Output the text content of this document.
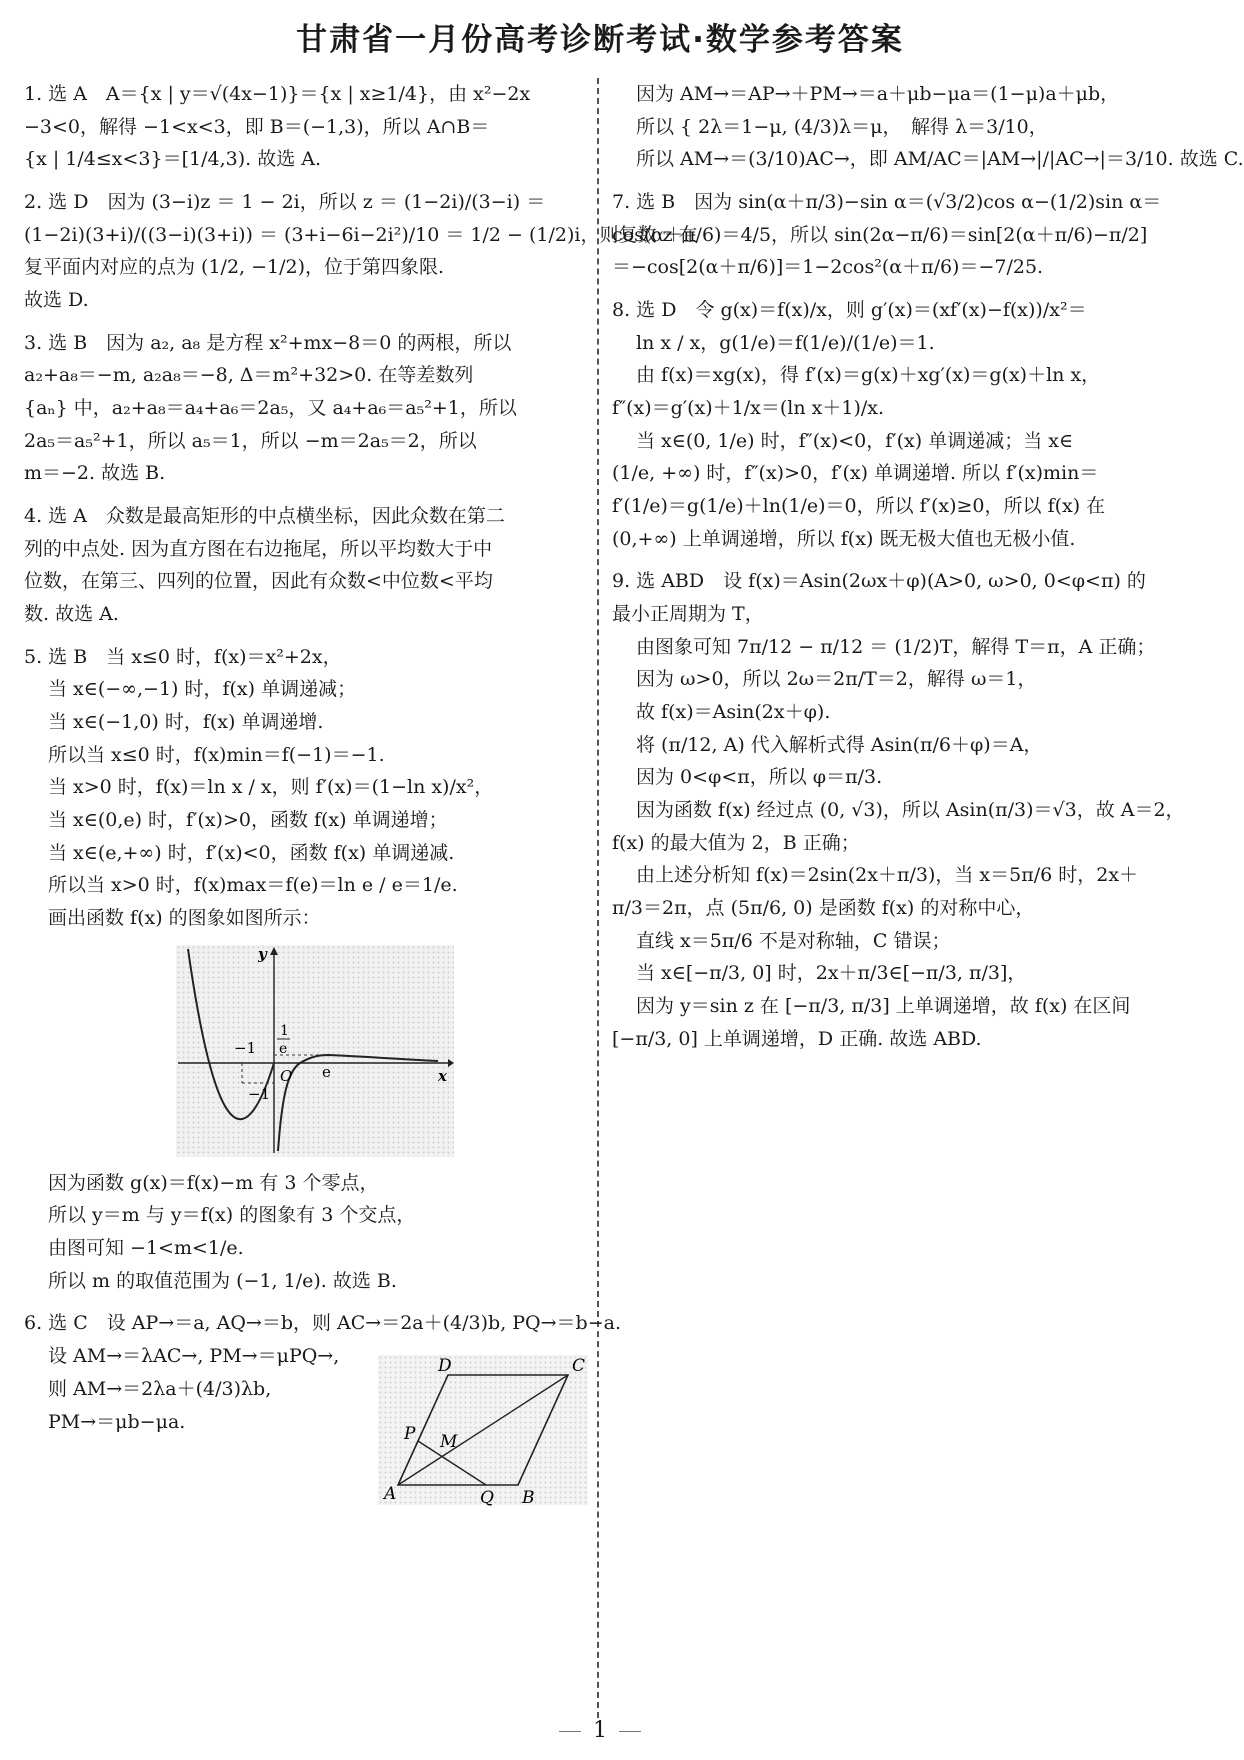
甘肃省一月份高考诊断考试·数学参考答案
1. 选 A　A＝{x | y＝√(4x−1)}＝{x | x≥1/4}，由 x²−2x
−3<0，解得 −1<x<3，即 B＝(−1,3)，所以 A∩B＝
{x | 1/4≤x<3}＝[1/4,3). 故选 A.
2. 选 D　因为 (3−i)z ＝ 1 − 2i，所以 z ＝ (1−2i)/(3−i) ＝
(1−2i)(3+i)/((3−i)(3+i)) ＝ (3+i−6i−2i²)/10 ＝ 1/2 − (1/2)i，则复数 z 在
复平面内对应的点为 (1/2, −1/2)，位于第四象限.
故选 D.
3. 选 B　因为 a₂, a₈ 是方程 x²+mx−8＝0 的两根，所以
a₂+a₈＝−m, a₂a₈＝−8, Δ＝m²+32>0. 在等差数列
{aₙ} 中，a₂+a₈＝a₄+a₆＝2a₅，又 a₄+a₆＝a₅²+1，所以
2a₅＝a₅²+1，所以 a₅＝1，所以 −m＝2a₅＝2，所以
m＝−2. 故选 B.
4. 选 A　众数是最高矩形的中点横坐标，因此众数在第二
列的中点处. 因为直方图在右边拖尾，所以平均数大于中
位数，在第三、四列的位置，因此有众数<中位数<平均
数. 故选 A.
5. 选 B　当 x≤0 时，f(x)＝x²+2x，
当 x∈(−∞,−1) 时，f(x) 单调递减；
当 x∈(−1,0) 时，f(x) 单调递增.
所以当 x≤0 时，f(x)min＝f(−1)＝−1.
当 x>0 时，f(x)＝ln x / x，则 f′(x)＝(1−ln x)/x²，
当 x∈(0,e) 时，f′(x)>0，函数 f(x) 单调递增；
当 x∈(e,+∞) 时，f′(x)<0，函数 f(x) 单调递减.
所以当 x>0 时，f(x)max＝f(e)＝ln e / e＝1/e.
画出函数 f(x) 的图象如图所示：
O	x
y
−1
−1
1
e
e
因为函数 g(x)＝f(x)−m 有 3 个零点，
所以 y＝m 与 y＝f(x) 的图象有 3 个交点，
由图可知 −1<m<1/e.
所以 m 的取值范围为 (−1, 1/e). 故选 B.
6. 选 C　设 AP→＝a, AQ→＝b，则 AC→＝2a＋(4/3)b, PQ→＝b−a.
设 AM→＝λAC→, PM→＝μPQ→,
则 AM→＝2λa＋(4/3)λb,
PM→＝μb−μa.
D	C
P M
A	Q B
因为 AM→＝AP→＋PM→＝a＋μb−μa＝(1−μ)a＋μb，
所以 { 2λ＝1−μ, (4/3)λ＝μ，　解得 λ＝3/10，
所以 AM→＝(3/10)AC→，即 AM/AC＝|AM→|/|AC→|＝3/10. 故选 C.
7. 选 B　因为 sin(α＋π/3)−sin α＝(√3/2)cos α−(1/2)sin α＝
cos(α＋π/6)＝4/5，所以 sin(2α−π/6)＝sin[2(α＋π/6)−π/2]
＝−cos[2(α＋π/6)]＝1−2cos²(α＋π/6)＝−7/25.
8. 选 D　令 g(x)＝f(x)/x，则 g′(x)＝(xf′(x)−f(x))/x²＝
ln x / x，g(1/e)＝f(1/e)/(1/e)＝1.
由 f(x)＝xg(x)，得 f′(x)＝g(x)＋xg′(x)＝g(x)＋ln x，
f″(x)＝g′(x)＋1/x＝(ln x＋1)/x.
当 x∈(0, 1/e) 时，f″(x)<0，f′(x) 单调递减；当 x∈
(1/e, +∞) 时，f″(x)>0，f′(x) 单调递增. 所以 f′(x)min＝
f′(1/e)＝g(1/e)＋ln(1/e)＝0，所以 f′(x)≥0，所以 f(x) 在
(0,+∞) 上单调递增，所以 f(x) 既无极大值也无极小值.
9. 选 ABD　设 f(x)＝Asin(2ωx＋φ)(A>0, ω>0, 0<φ<π) 的
最小正周期为 T，
由图象可知 7π/12 − π/12 ＝ (1/2)T，解得 T＝π，A 正确；
因为 ω>0，所以 2ω＝2π/T＝2，解得 ω＝1，
故 f(x)＝Asin(2x＋φ).
将 (π/12, A) 代入解析式得 Asin(π/6＋φ)＝A，
因为 0<φ<π，所以 φ＝π/3.
因为函数 f(x) 经过点 (0, √3)，所以 Asin(π/3)＝√3，故 A＝2，
f(x) 的最大值为 2，B 正确；
由上述分析知 f(x)＝2sin(2x＋π/3)，当 x＝5π/6 时，2x＋
π/3＝2π，点 (5π/6, 0) 是函数 f(x) 的对称中心，
直线 x＝5π/6 不是对称轴，C 错误；
当 x∈[−π/3, 0] 时，2x＋π/3∈[−π/3, π/3]，
因为 y＝sin z 在 [−π/3, π/3] 上单调递增，故 f(x) 在区间
[−π/3, 0] 上单调递增，D 正确. 故选 ABD.
1
